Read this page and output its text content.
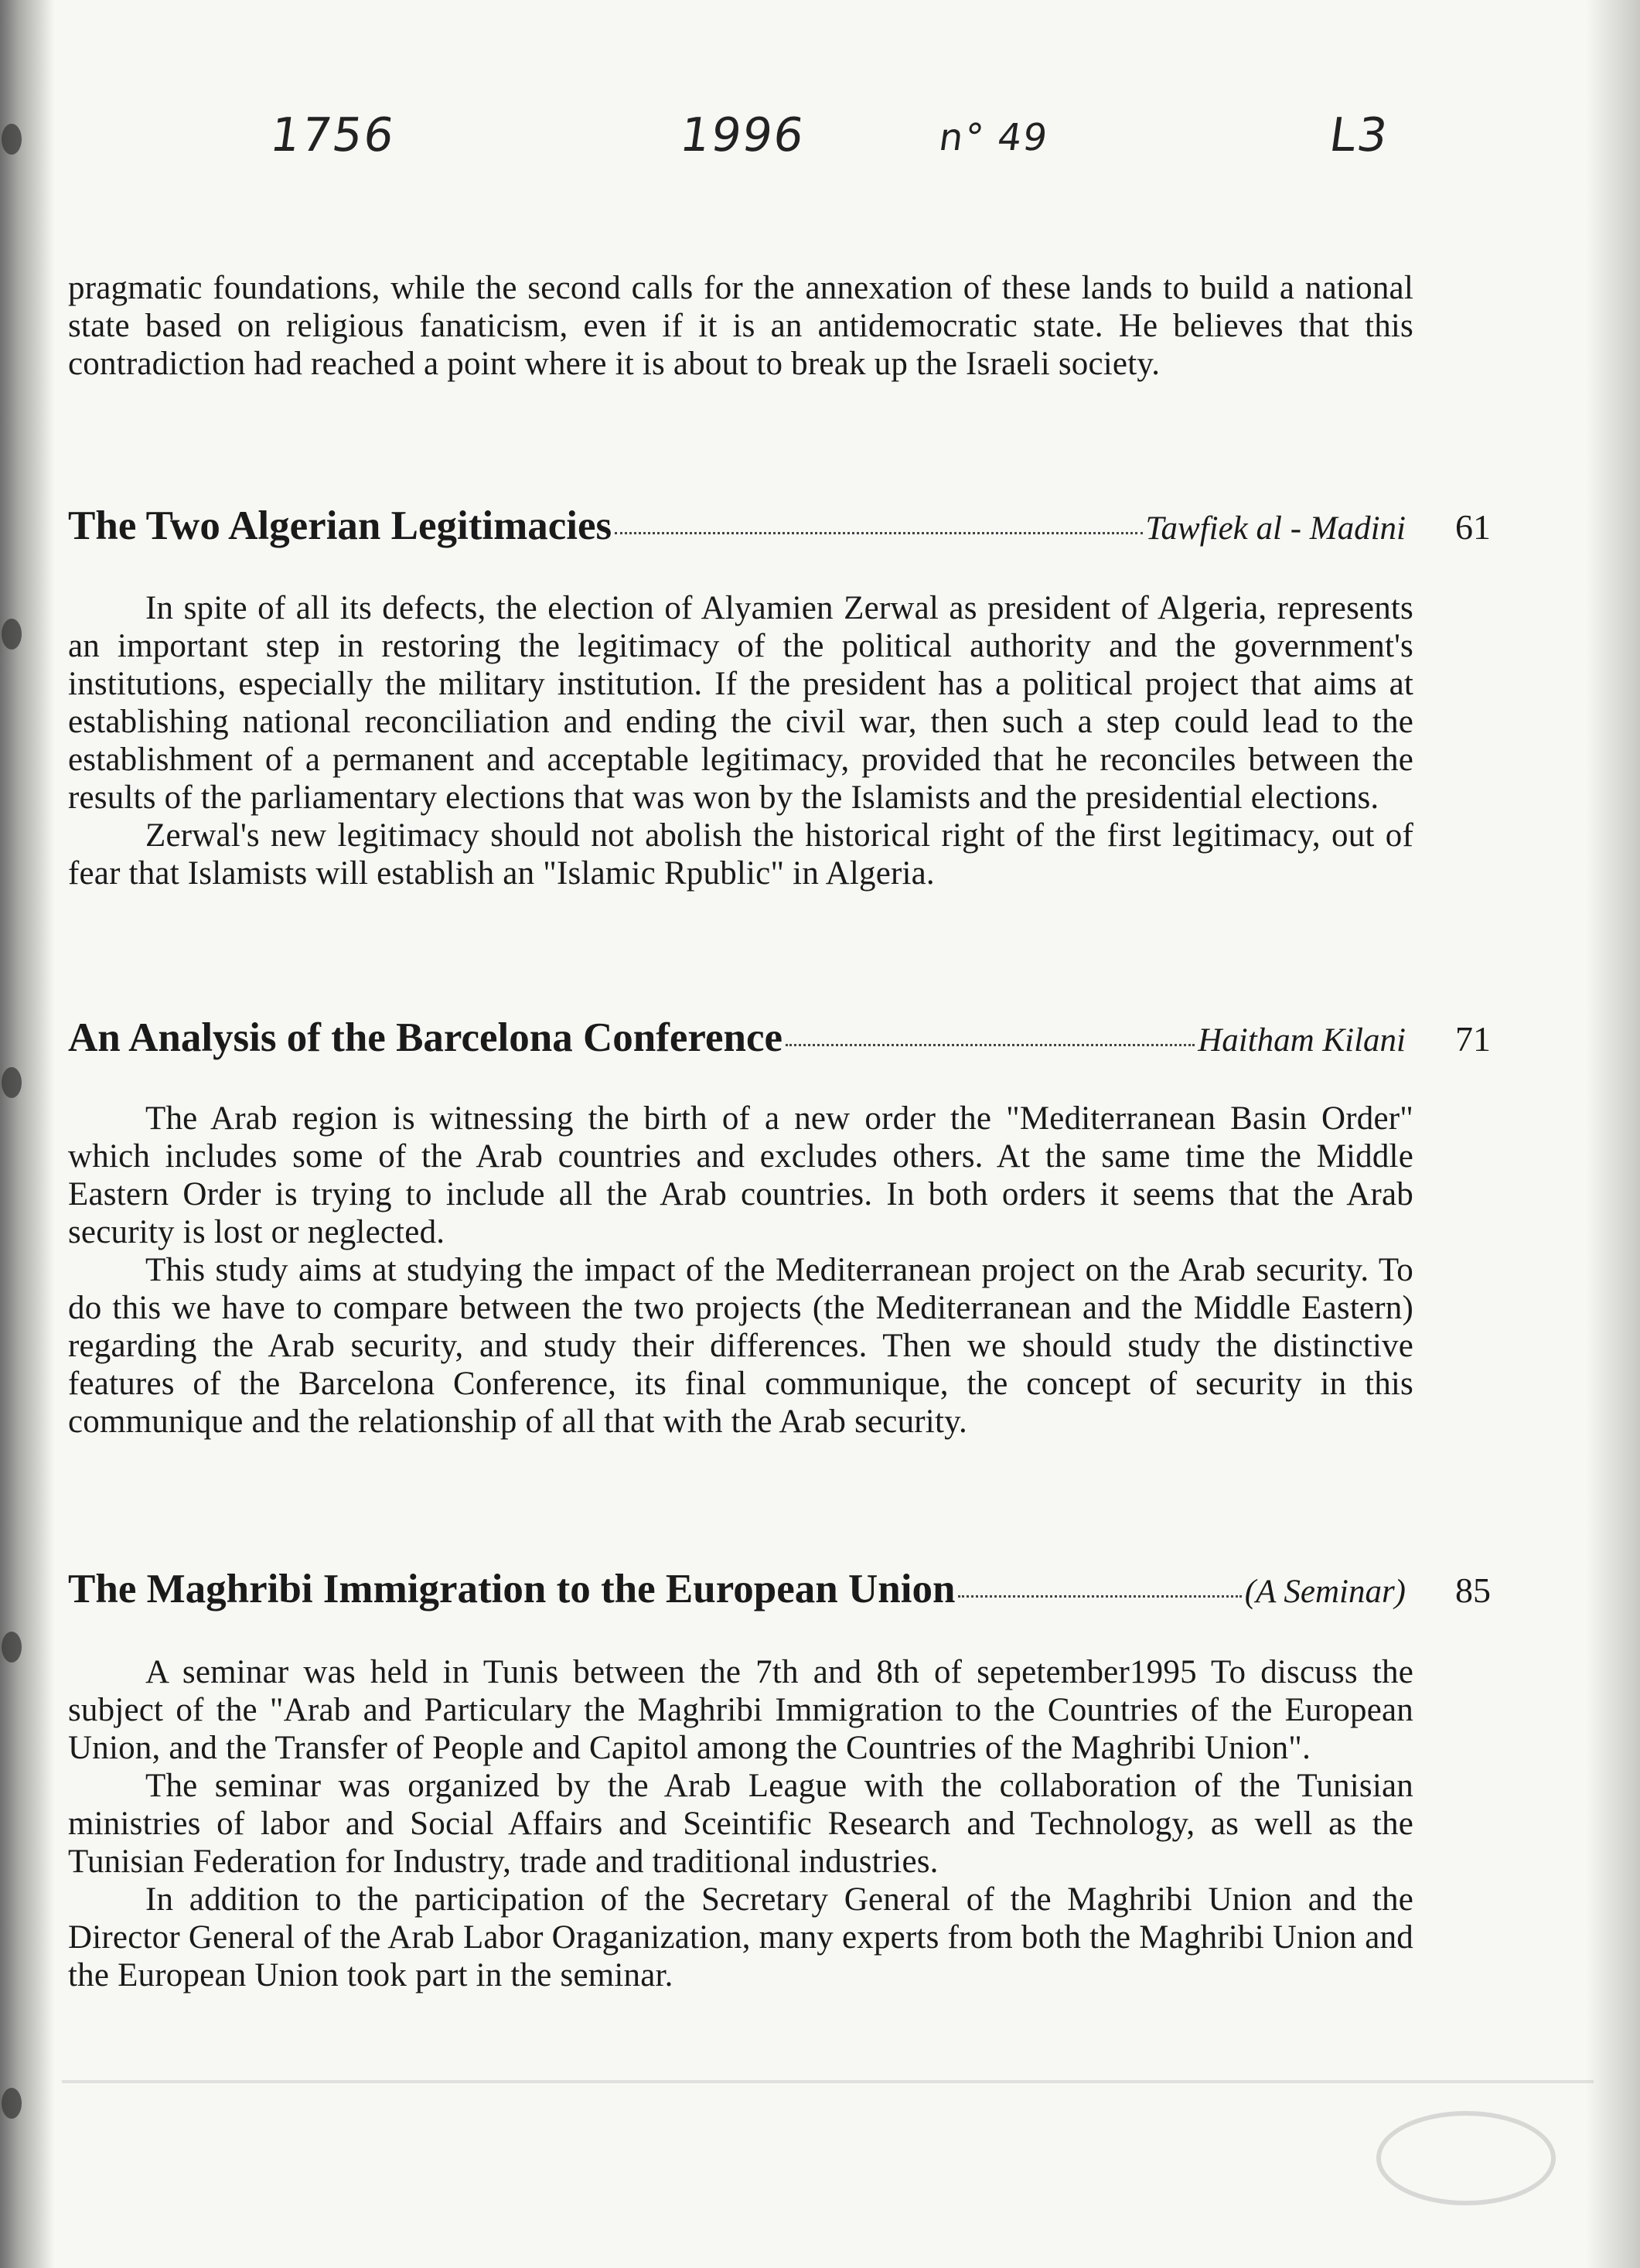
1756	1996	n° 49	L3

pragmatic foundations, while the second calls for the annexation of these lands to build a national state based on religious fanaticism, even if it is an antidemocratic state. He believes that this contradiction had reached a point where it is about to break up the Israeli society.

The Two Algerian Legitimacies	Tawfiek al - Madini	61

In spite of all its defects, the election of Alyamien Zerwal as president of Algeria, represents an important step in restoring the legitimacy of the political authority and the government's institutions, especially the military institution. If the president has a political project that aims at establishing national reconciliation and ending the civil war, then such a step could lead to the establishment of a permanent and acceptable legitimacy, provided that he reconciles between the results of the parliamentary elections that was won by the Islamists and the presidential elections.

Zerwal's new legitimacy should not abolish the historical right of the first legitimacy, out of fear that Islamists will establish an "Islamic Rpublic" in Algeria.

An Analysis of the Barcelona Conference	Haitham Kilani	71

The Arab region is witnessing the birth of a new order the "Mediterranean Basin Order" which includes some of the Arab countries and excludes others. At the same time the Middle Eastern Order is trying to include all the Arab countries. In both orders it seems that the Arab security is lost or neglected.

This study aims at studying the impact of the Mediterranean project on the Arab security. To do this we have to compare between the two projects (the Mediterranean and the Middle Eastern) regarding the Arab security, and study their differences. Then we should study the distinctive features of the Barcelona Conference, its final communique, the concept of security in this communique and the relationship of all that with the Arab security.

The Maghribi Immigration to the European Union	(A Seminar)	85

A seminar was held in Tunis between the 7th and 8th of sepetember1995 To discuss the subject of the "Arab and Particulary the Maghribi Immigration to the Countries of the European Union, and the Transfer of People and Capitol among the Countries of the Maghribi Union".

The seminar was organized by the Arab League with the collaboration of the Tunisian ministries of labor and Social Affairs and Sceintific Research and Technology, as well as the Tunisian Federation for Industry, trade and traditional industries.

In addition to the participation of the Secretary General of the Maghribi Union and the Director General of the Arab Labor Oraganization, many experts from both the Maghribi Union and the European Union took part in the seminar.
